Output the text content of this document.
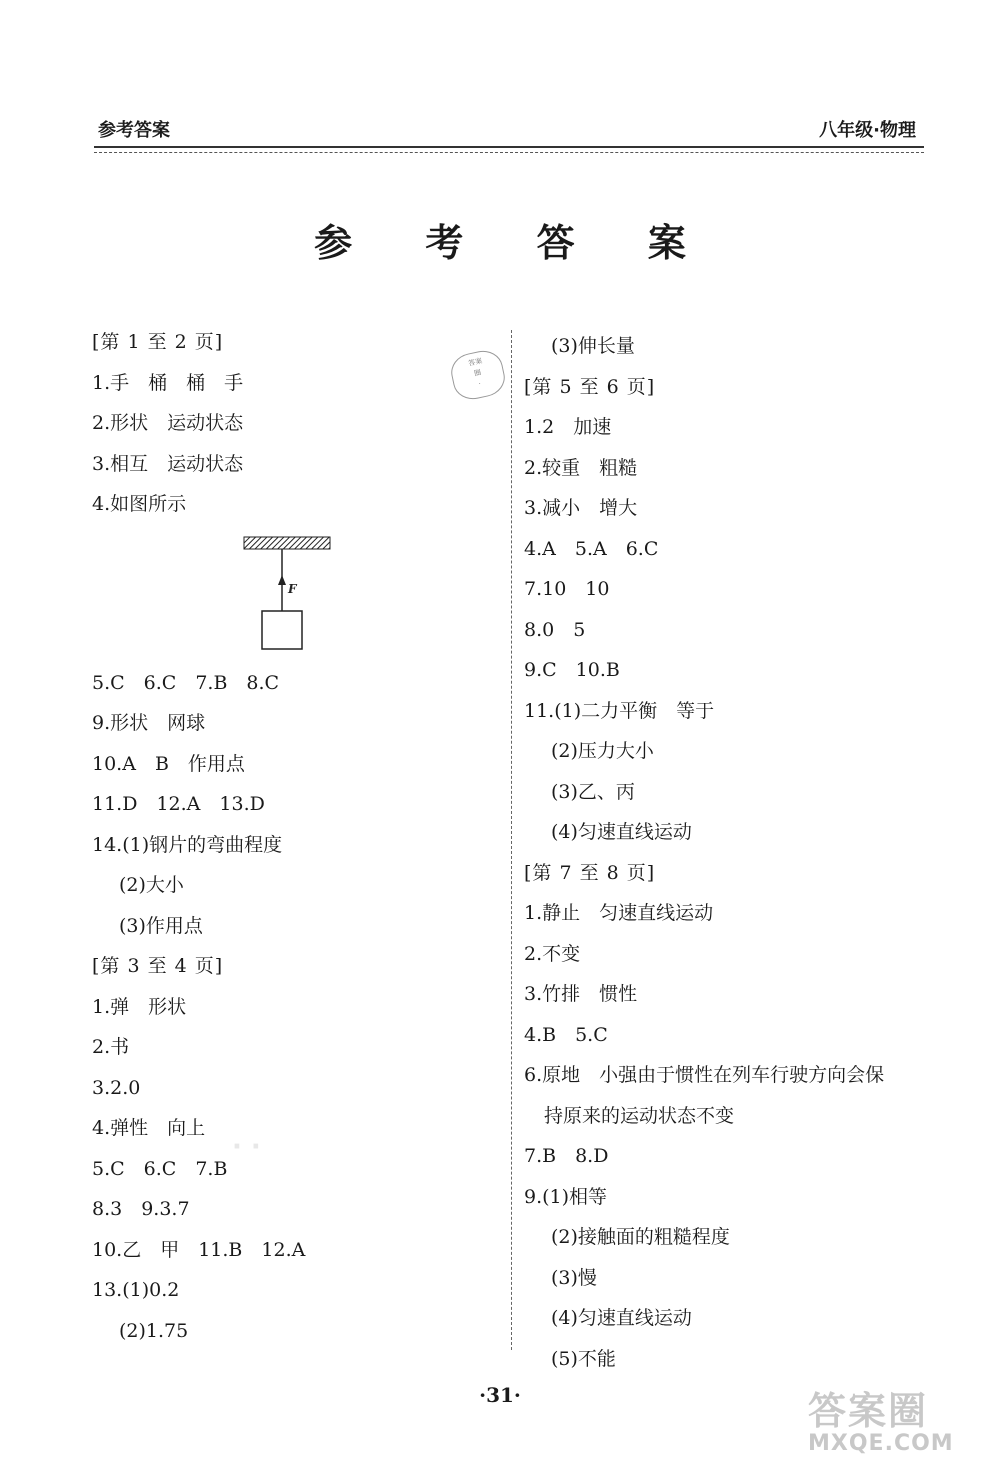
参考答案	八年级·物理
参 考 答 案
答案
圈
·
[第 1 至 2 页]
1.手　桶　桶　手
2.形状　运动状态
3.相互　运动状态
4.如图所示
F
5.C　6.C　7.B　8.C
9.形状　网球
10.A　B　作用点
11.D　12.A　13.D
14.(1)钢片的弯曲程度
(2)大小
(3)作用点
[第 3 至 4 页]
1.弹　形状
2.书
3.2.0
4.弹性　向上
5.C　6.C　7.B
8.3　9.3.7
10.乙　甲　11.B　12.A
13.(1)0.2
(2)1.75
(3)伸长量
[第 5 至 6 页]
1.2　加速
2.较重　粗糙
3.减小　增大
4.A　5.A　6.C
7.10　10
8.0　5
9.C　10.B
11.(1)二力平衡　等于
(2)压力大小
(3)乙、丙
(4)匀速直线运动
[第 7 至 8 页]
1.静止　匀速直线运动
2.不变
3.竹排　惯性
4.B　5.C
6.原地　小强由于惯性在列车行驶方向会保
持原来的运动状态不变
7.B　8.D
9.(1)相等
(2)接触面的粗糙程度
(3)慢
(4)匀速直线运动
(5)不能
· ·
·31·	答案圈
MXQE.COM
